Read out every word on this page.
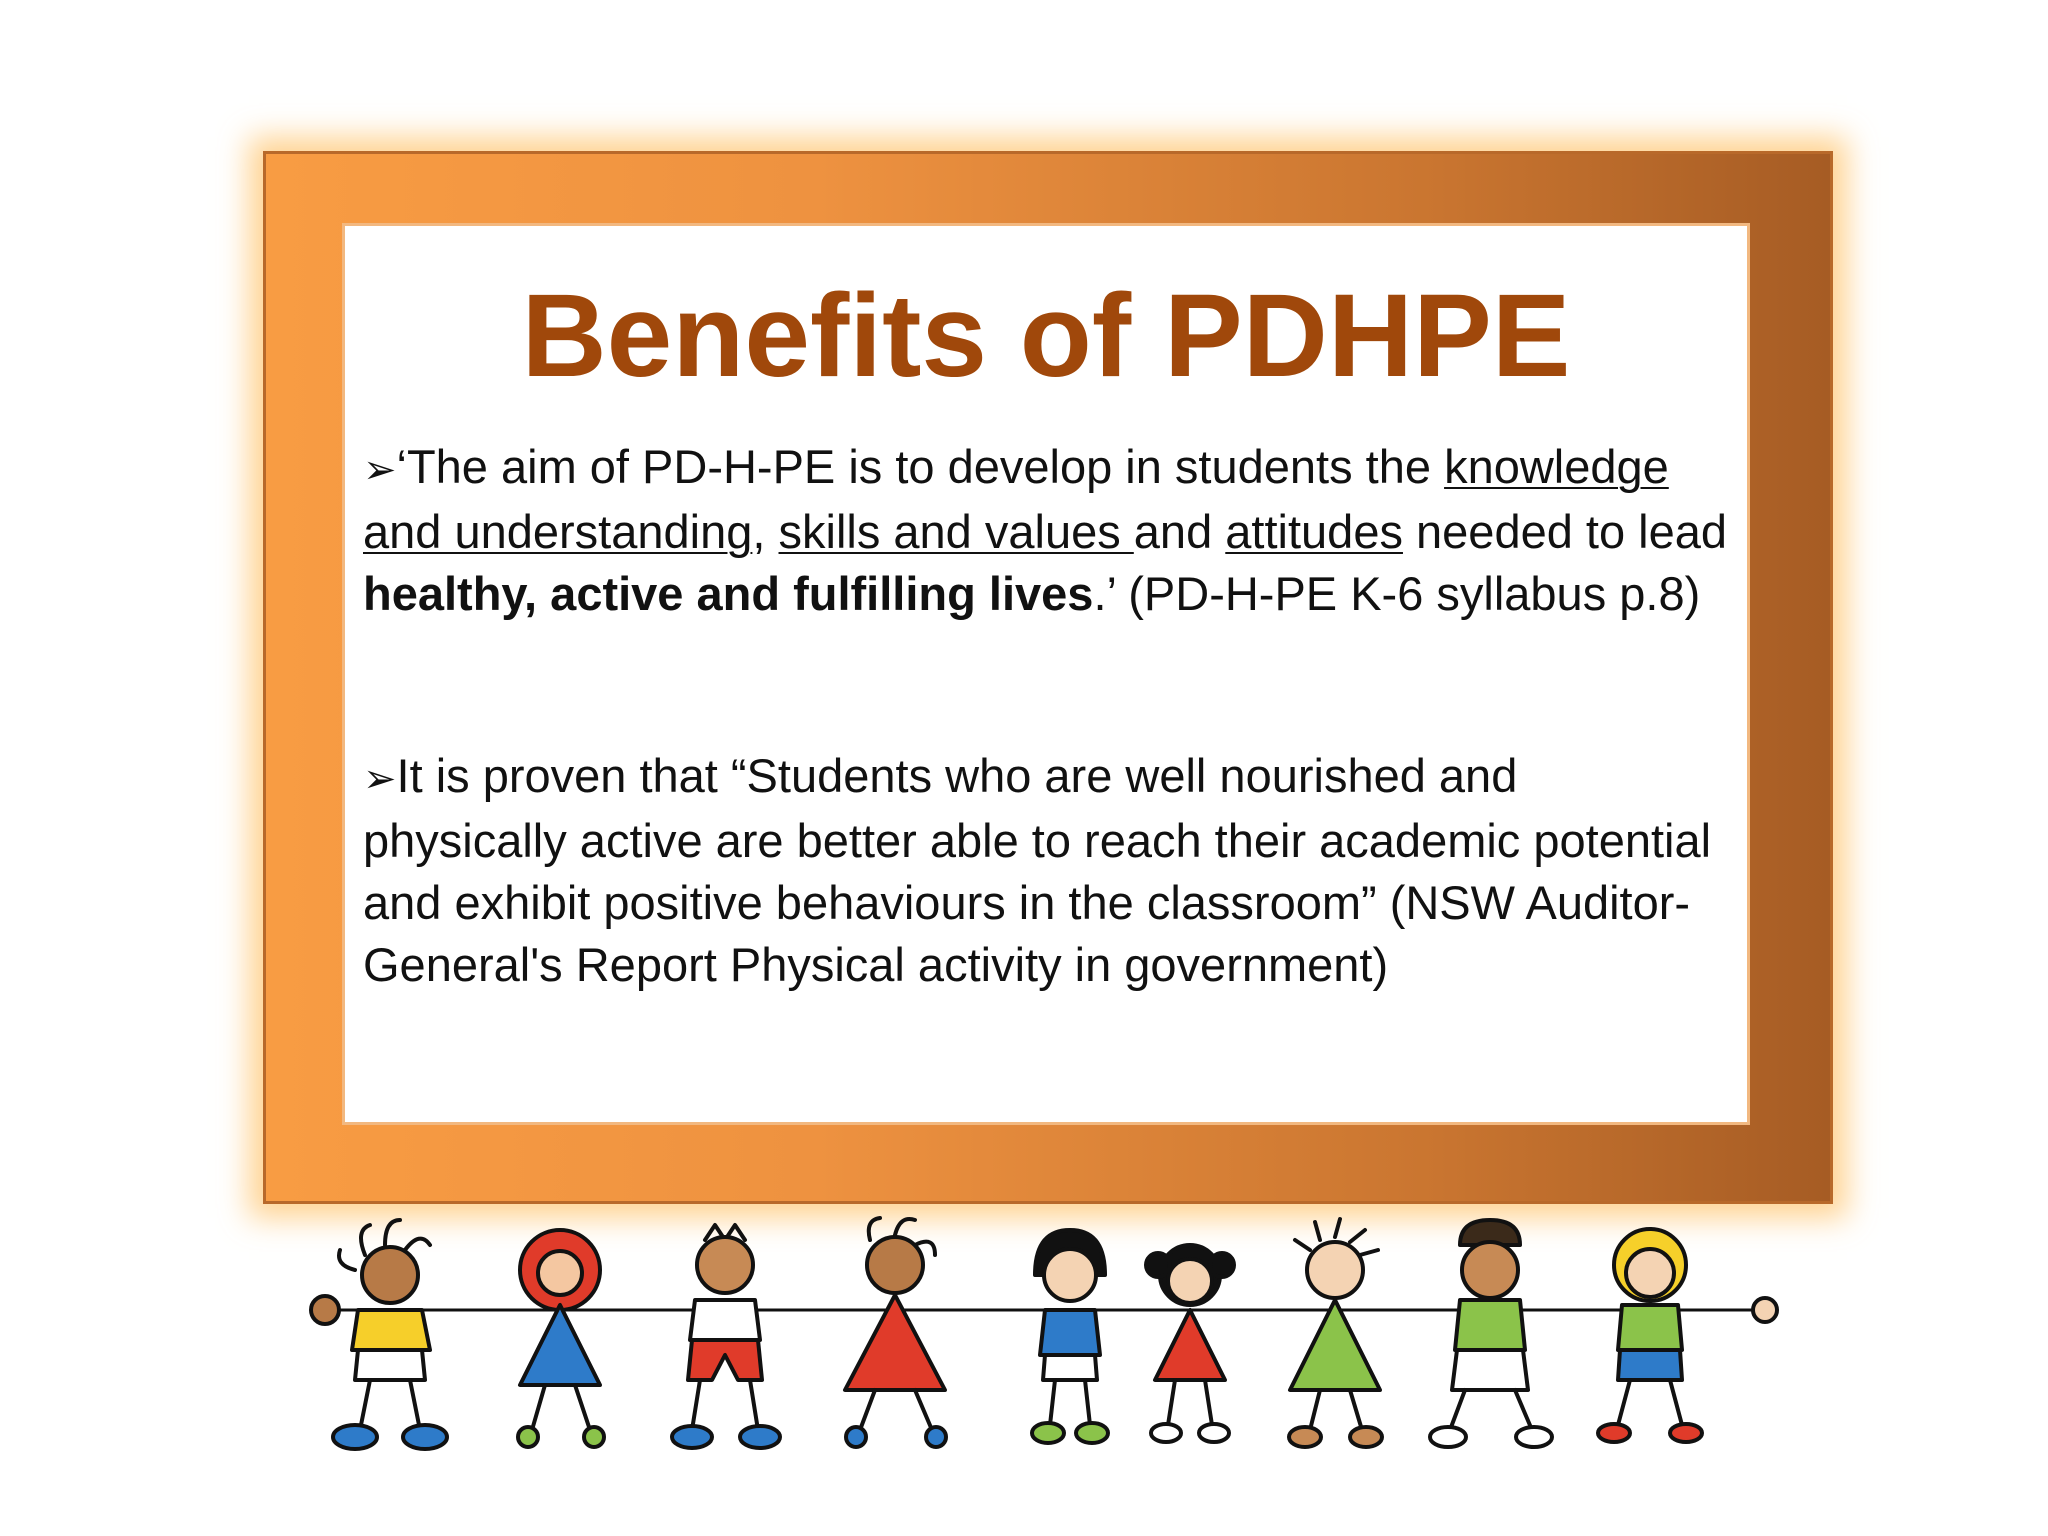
Benefits of PDHPE
➢‘The aim of PD-H-PE is to develop in students the knowledge and understanding, skills and values and attitudes needed to lead healthy, active and fulfilling lives.’ (PD-H-PE K-6 syllabus p.8)
➢It is proven that “Students who are well nourished and physically active are better able to reach their academic potential and exhibit positive behaviours in the classroom” (NSW Auditor-General's Report Physical activity in government)
